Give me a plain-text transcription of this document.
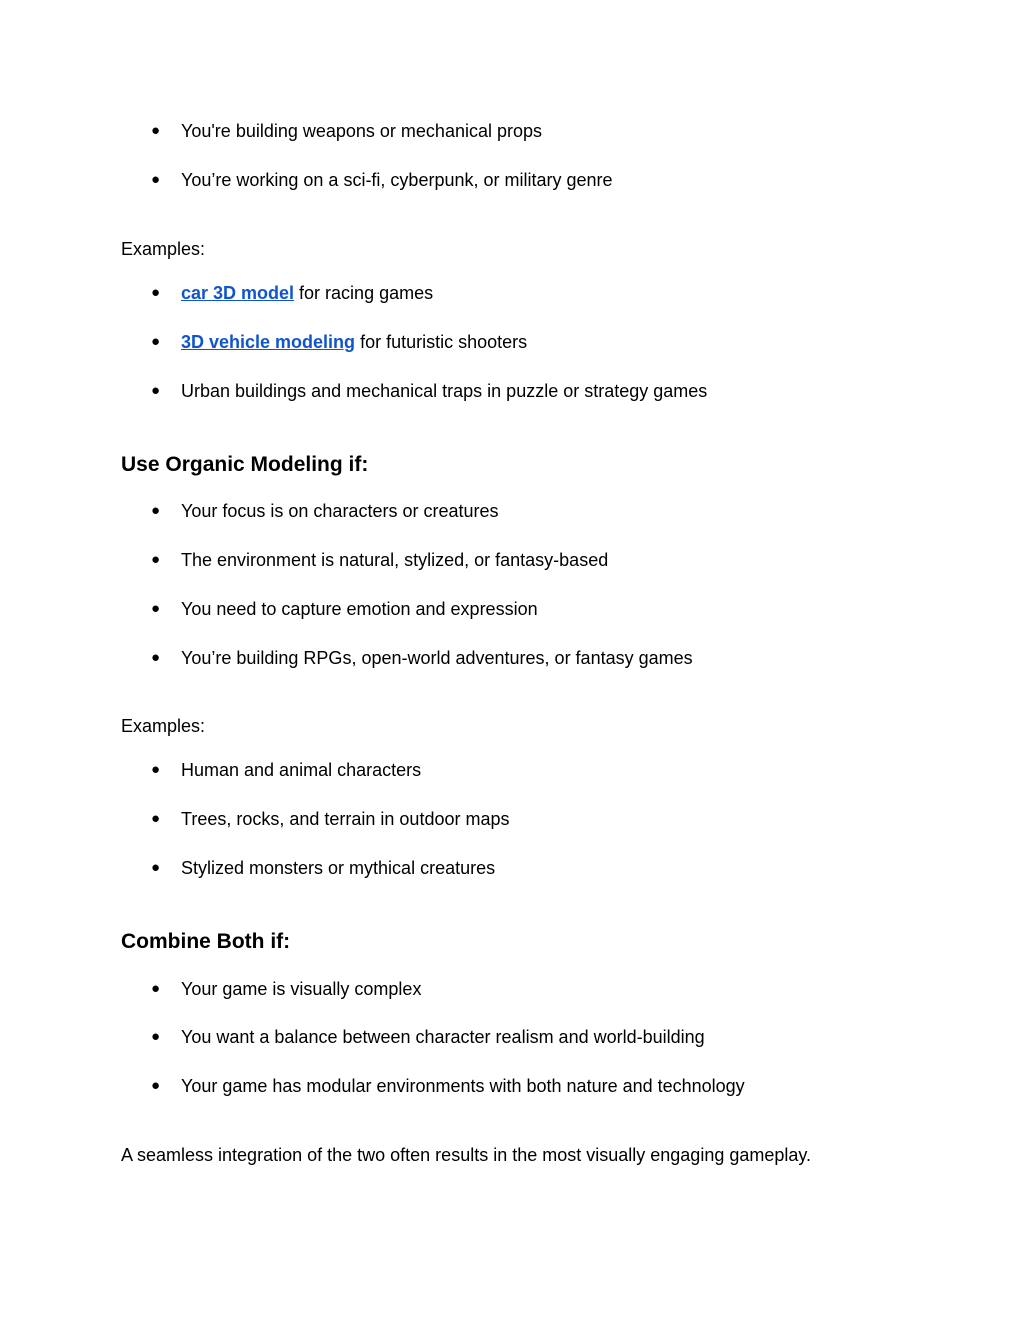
● You're building weapons or mechanical props
● You’re working on a sci-fi, cyberpunk, or military genre

Examples:

● car 3D model for racing games
● 3D vehicle modeling for futuristic shooters
● Urban buildings and mechanical traps in puzzle or strategy games
Use Organic Modeling if:
● Your focus is on characters or creatures
● The environment is natural, stylized, or fantasy-based
● You need to capture emotion and expression
● You’re building RPGs, open-world adventures, or fantasy games

Examples:

● Human and animal characters
● Trees, rocks, and terrain in outdoor maps
● Stylized monsters or mythical creatures
Combine Both if:
● Your game is visually complex
● You want a balance between character realism and world-building
● Your game has modular environments with both nature and technology

A seamless integration of the two often results in the most visually engaging gameplay.
